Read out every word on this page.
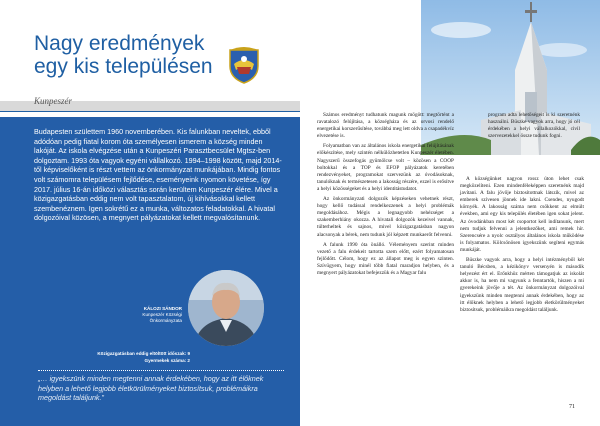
Nagy eredmények
egy kis településen
Kunpeszér
Budapesten születtem 1960 novemberében. Kis falunkban neveltek, ebből adódóan pedig fiatal korom óta személyesen ismerem a község minden lakóját. Az iskola elvégzése után a Kunpeszéri Parasztbecsület Mgtsz-ben dolgoztam. 1993 óta vagyok egyéni vállalkozó. 1994–1998 között, majd 2014-től képviselőként is részt vettem az önkormányzat munkájában. Mindig fontos volt számomra településem fejlődése, eseményeink nyomon követése, így 2017. július 16-án időközi választás során kerültem Kunpeszér élére. Mivel a közigazgatásban eddig nem volt tapasztalatom, új kihívásokkal kellett szembenéznem. Igen sokrétű ez a munka, változatos feladatokkal. A hivatal dolgozóival közösen, a megnyert pályázatokat kellett megvalósítanunk.
KÁLOZI SÁNDOR
Kunpeszér Községi Önkormányzata
Közigazgatásban eddig eltöltött időszak: 9
Gyermekek száma: 2
„… igyekszünk minden megtenni annak érdekében, hogy az itt élőknek helyben a lehető legjobb életkörülményeket biztosítsuk, problémáikra megoldást találjunk.”

Számos eredményt tudhatunk magunk mögött: megtörtént a ravatalozó felújítása, a községháza és az orvosi rendelő energetikai korszerűsítése, továbbá meg lett oldva a csapadékvíz elvezetése is.

Folyamatban van az általános iskola energetikai felújításának előkészítése, mely szintén nélkülözhetetlen Kunpeszér életében. Nagyszerű összefogás gyümölcse volt – közösen a COOP boltokkal és a TOP és EFOP pályázatok keretében rendezvényeket, programokat szervezünk az óvodásoknak, tanulóknak és természetesen a lakosság részére, ezzel is erősítve a helyi közösségeket és a helyi identitástudatot.

Az önkormányzati dolgozók képzéseken vehetnek részt, hogy kellő tudással rendelkezzenek a helyi problémák megoldásához. Mégis a legnagyobb nehézséget a szakemberhiány okozza. A hivatali dolgozók kezeivel vannak, túlterheltek és sajnos, mivel közigazgatásban nagyon alacsonyak a bérek, nem tudunk jól képzett munkaerőt felvenni.

A falunk 1990 óta önálló. Véleményem szerint minden vezető a falu érdekeit tartotta szem előtt, ezért folyamatosan fejlődött. Célom, hogy ez az állapot meg is egyen szinten. Szívügyem, hogy minél több fiatal maradjon helyben, és a megnyert pályázatokat befejezzük és a Magyar falu

program adta lehetőségeit is ki szeretnénk használni. Büszke vagyok arra, hogy jó cél érdekében a helyi vállalkozókkal, civil szervezetekkel össze tudunk fogni.

A községünket nagyon rossz úton lehet csak megközelíteni. Ezen mindenféleképpen szeretnénk majd javítani. A falu jövője biztosítottnak látszik, mivel az emberek szívesen jönnek ide lakni. Csendes, nyugodt környék. A lakosság száma nem csökkent az elmúlt években, ami egy kis település életében igen sokat jelent. Az óvodánkban most két csoportot kell indítanunk, mert nem tudjuk felvenni a jelentkezőket, ami remek hír. Szerencsére a nyolc osztályos általános iskola működése is folyamatos. Kölcsönösen igyekszünk segíteni egymás munkáját.

Büszke vagyok arra, hogy a helyi intézményből két tanuló Bécsben, a kézikönyv versenyén is második helyezést ért el. Erőnkhöz mérten támogatjuk az iskolát akkor is, ha nem mi vagyunk a fenntartók, hiszen a mi gyerekeink jövője a tét. Az önkormányzat dolgozóival igyekszünk minden megtenni annak érdekében, hogy az itt élőknek helyben a lehető legjobb életkörülményeket biztosítsuk, problémáikra megoldást találjunk.

71
